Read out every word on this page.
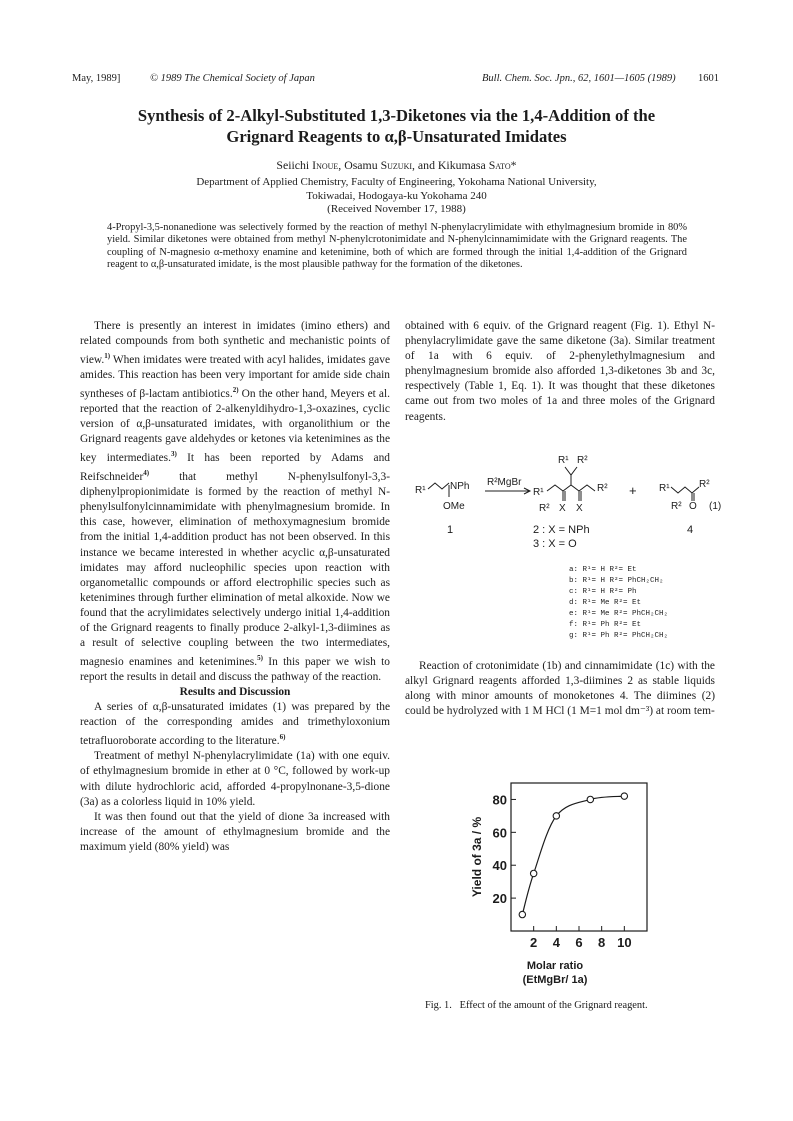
May, 1989]	© 1989 The Chemical Society of Japan	Bull. Chem. Soc. Jpn., 62, 1601—1605 (1989) 1601
Synthesis of 2-Alkyl-Substituted 1,3-Diketones via the 1,4-Addition of the
Grignard Reagents to α,β-Unsaturated Imidates
Seiichi Inoue, Osamu Suzuki, and Kikumasa Sato*
Department of Applied Chemistry, Faculty of Engineering, Yokohama National University,
Tokiwadai, Hodogaya-ku Yokohama 240
(Received November 17, 1988)
4-Propyl-3,5-nonanedione was selectively formed by the reaction of methyl N-phenylacrylimidate with ethylmagnesium bromide in 80% yield. Similar diketones were obtained from methyl N-phenylcrotonimidate and N-phenylcinnamimidate with the Grignard reagents. The coupling of N-magnesio α-methoxy enamine and ketenimine, both of which are formed through the initial 1,4-addition of the Grignard reagent to α,β-unsaturated imidate, is the most plausible pathway for the formation of the diketones.

There is presently an interest in imidates (imino ethers) and related compounds from both synthetic and mechanistic points of view.$^{1)}$ When imidates were treated with acyl halides, imidates gave amides. This reaction has been very important for amide side chain syntheses of β-lactam antibiotics.$^{2)}$ On the other hand, Meyers et al. reported that the reaction of 2-alkenyldihydro-1,3-oxazines, cyclic version of α,β-unsaturated imidates, with organolithium or the Grignard reagents gave aldehydes or ketones via ketenimines as the key intermediates.$^{3)}$ It has been reported by Adams and Reifschneider$^{4)}$ that methyl N-phenylsulfonyl-3,3-diphenylpropionimidate is formed by the reaction of methyl N-phenylsulfonylcinnamimidate with phenylmagnesium bromide. In this case, however, elimination of methoxymagnesium bromide from the initial 1,4-addition product has not been observed. In this instance we became interested in whether acyclic α,β-unsaturated imidates may afford nucleophilic species upon reaction with organometallic compounds or afford electrophilic species such as ketenimines through further elimination of metal alkoxide. Now we found that the acrylimidates selectively undergo initial 1,4-addition of the Grignard reagents to finally produce 2-alkyl-1,3-diimines as a result of selective coupling between the two intermediates, magnesio enamines and ketenimines.$^{5)}$ In this paper we wish to report the results in detail and discuss the pathway of the reaction.

Results and Discussion

A series of α,β-unsaturated imidates (1) was prepared by the reaction of the corresponding amides and trimethyloxonium tetrafluoroborate according to the literature.$^{6)}$

Treatment of methyl N-phenylacrylimidate (1a) with one equiv. of ethylmagnesium bromide in ether at 0 °C, followed by work-up with dilute hydrochloric acid, afforded 4-propylnonane-3,5-dione (3a) as a colorless liquid in 10% yield.

It was then found out that the yield of dione 3a increased with increase of the amount of ethylmagnesium bromide and the maximum yield (80% yield) was

obtained with 6 equiv. of the Grignard reagent (Fig. 1). Ethyl N-phenylacrylimidate gave the same diketone (3a). Similar treatment of 1a with 6 equiv. of 2-phenylethylmagnesium and phenylmagnesium bromide also afforded 1,3-diketones 3b and 3c, respectively (Table 1, Eq. 1). It was thought that these diketones came out from two moles of 1a and three moles of the Grignard reagents.

R¹ NPh
OMe
1
R²MgBr
R¹ R²
R¹	R²
R² X X
2 : X = NPh
3 : X = O
+ R¹	R²
R² O (1)
4
a: R¹= H R²= Et
b: R¹= H R²= PhCH₂CH₂
c: R¹= H R²= Ph
d: R¹= Me R²= Et
e: R¹= Me R²= PhCH₂CH₂
f: R¹= Ph R²= Et
g: R¹= Ph R²= PhCH₂CH₂

Reaction of crotonimidate (1b) and cinnamimidate (1c) with the alkyl Grignard reagents afforded 1,3-diimines 2 as stable liquids along with minor amounts of monoketones 4. The diimines (2) could be hydrolyzed with 1 M HCl (1 M=1 mol dm⁻³) at room tem-

2 4 6 8 10
20
40
60
80
Yield of 3a / %
Molar ratio
(EtMgBr/ 1a)
Fig. 1. Effect of the amount of the Grignard reagent.
